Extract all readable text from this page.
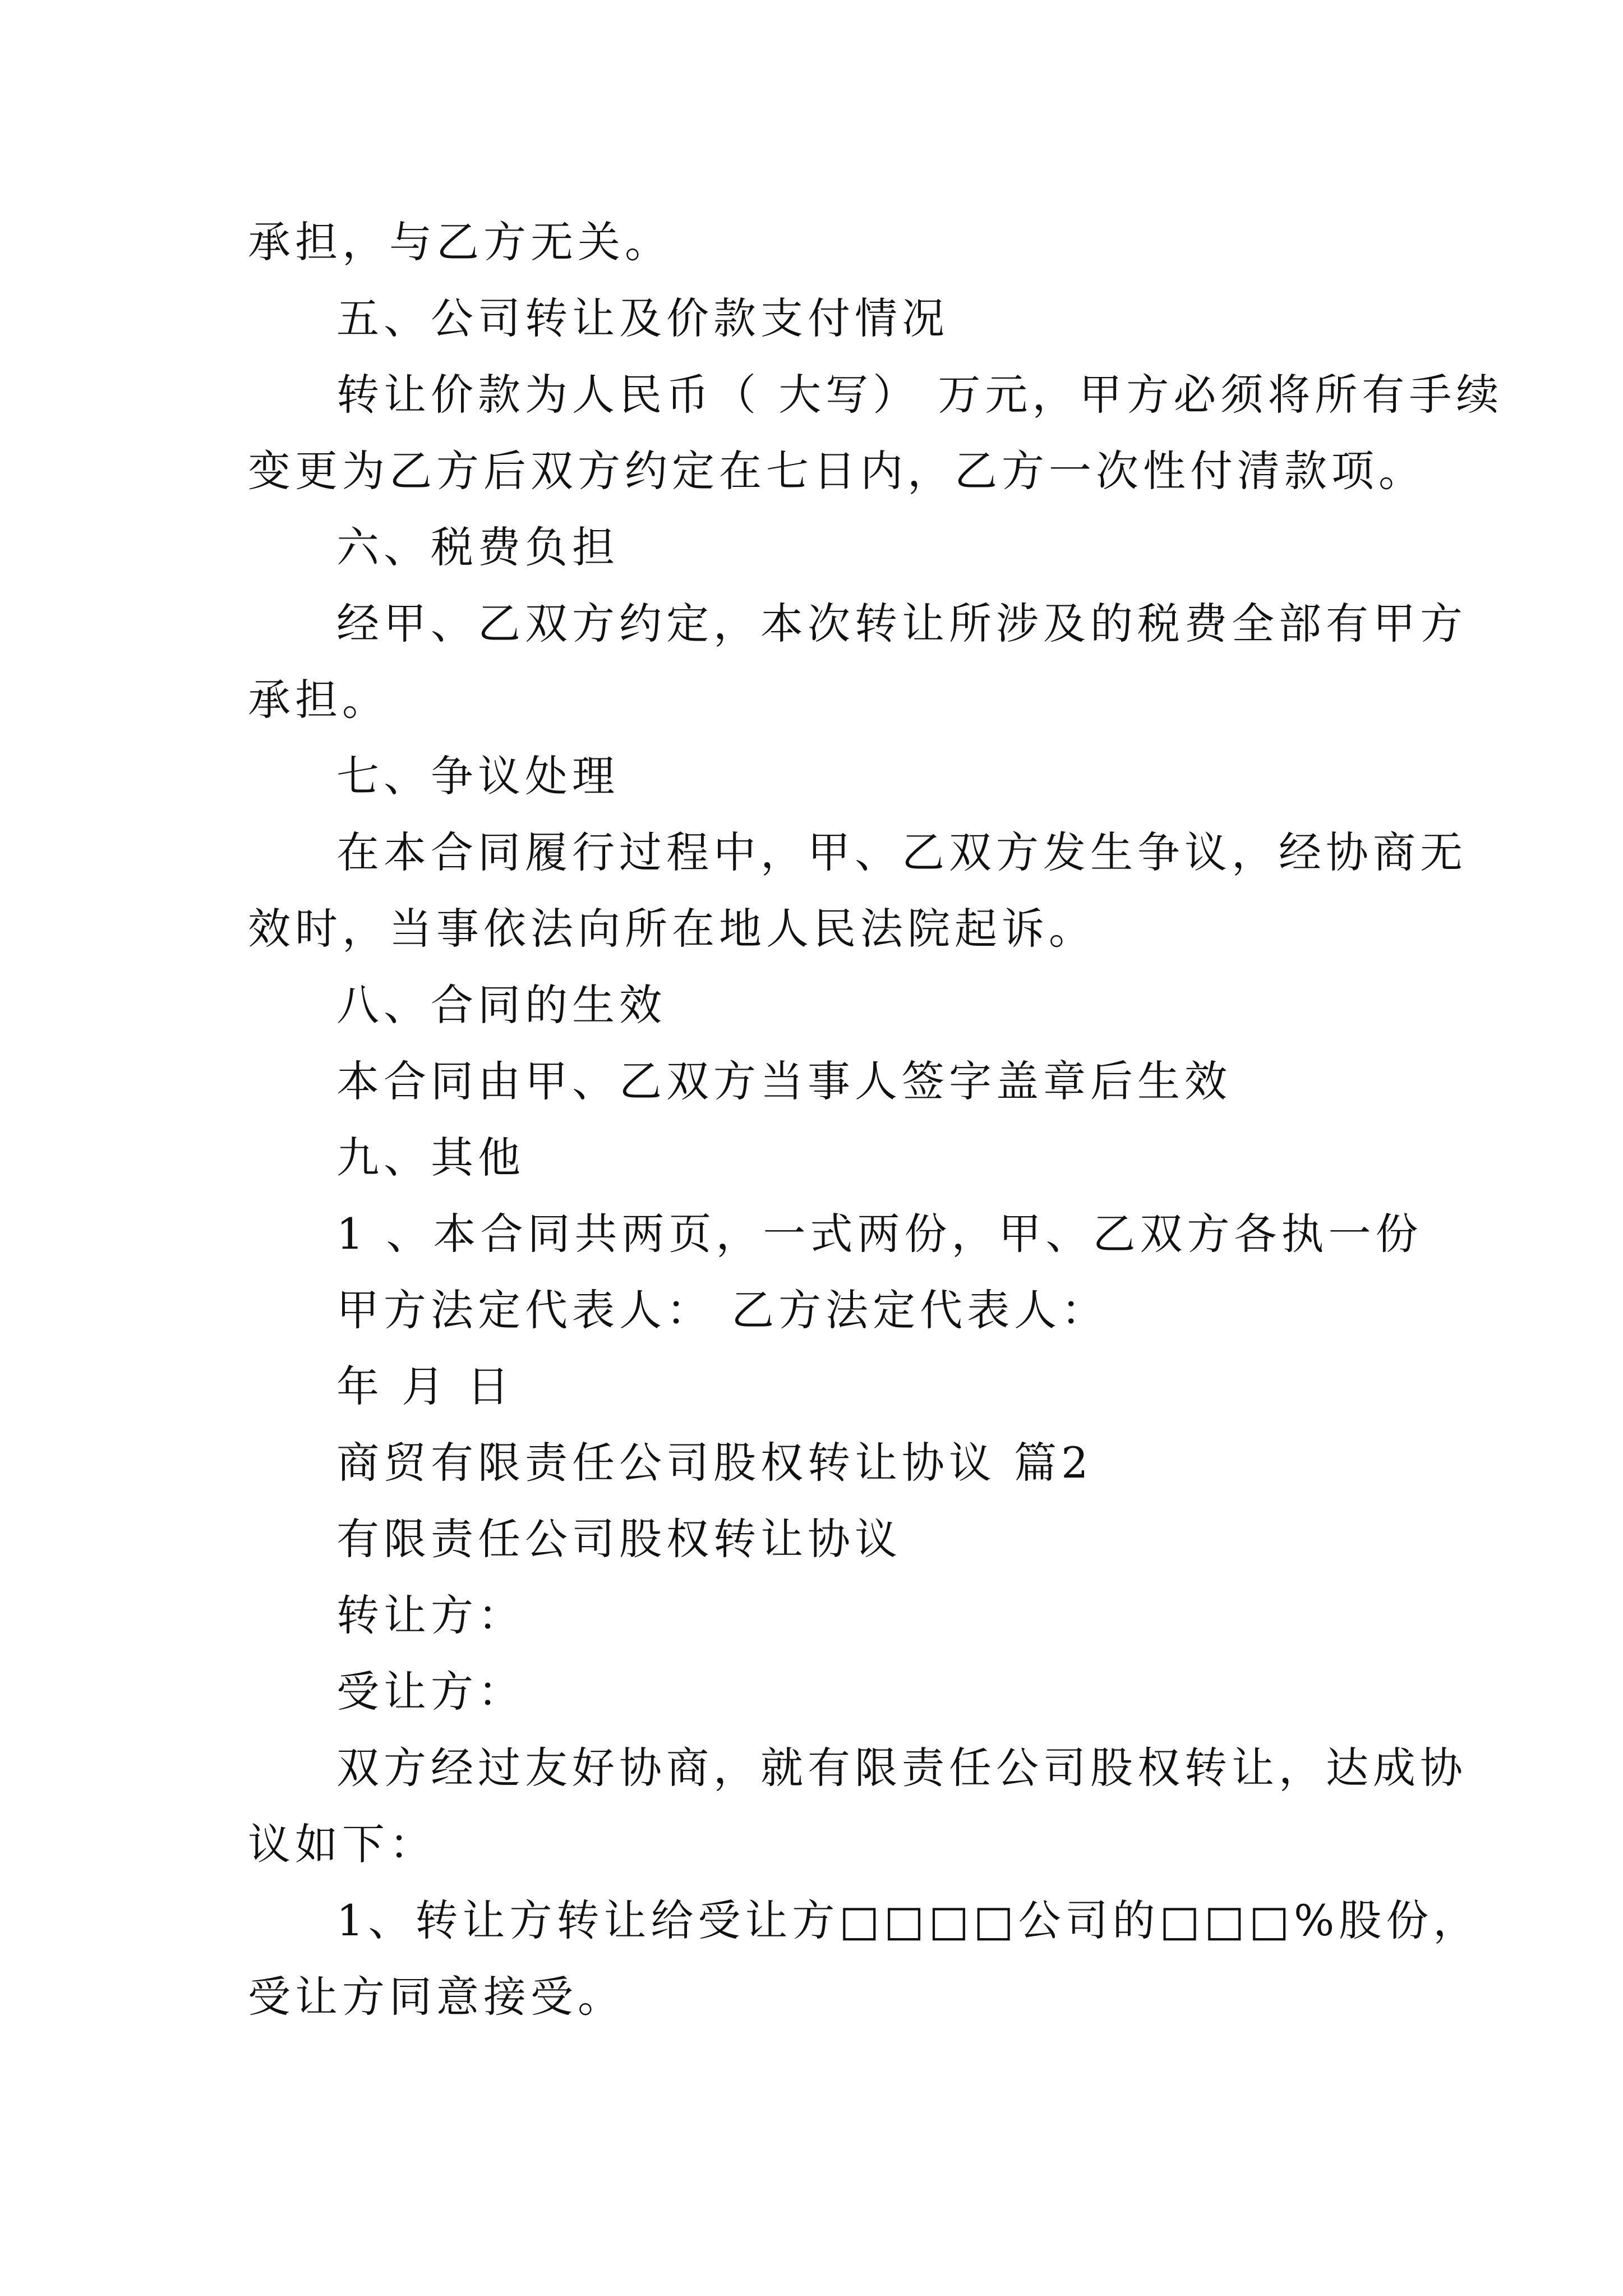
承担，与乙方无关。
五、公司转让及价款支付情况
转让价款为人民币（ 大写） 万元，甲方必须将所有手续
变更为乙方后双方约定在七日内，乙方一次性付清款项。
六、税费负担
经甲、乙双方约定，本次转让所涉及的税费全部有甲方
承担。
七、争议处理
在本合同履行过程中，甲、乙双方发生争议，经协商无
效时，当事依法向所在地人民法院起诉。
八、合同的生效
本合同由甲、乙双方当事人签字盖章后生效
九、其他
1 、本合同共两页，一式两份，甲、乙双方各执一份
甲方法定代表人： 乙方法定代表人：
年 月 日
商贸有限责任公司股权转让协议 篇2
有限责任公司股权转让协议
转让方：
受让方：
双方经过友好协商，就有限责任公司股权转让，达成协
议如下：
1、转让方转让给受让方□□□□公司的□□□%股份，
受让方同意接受。
